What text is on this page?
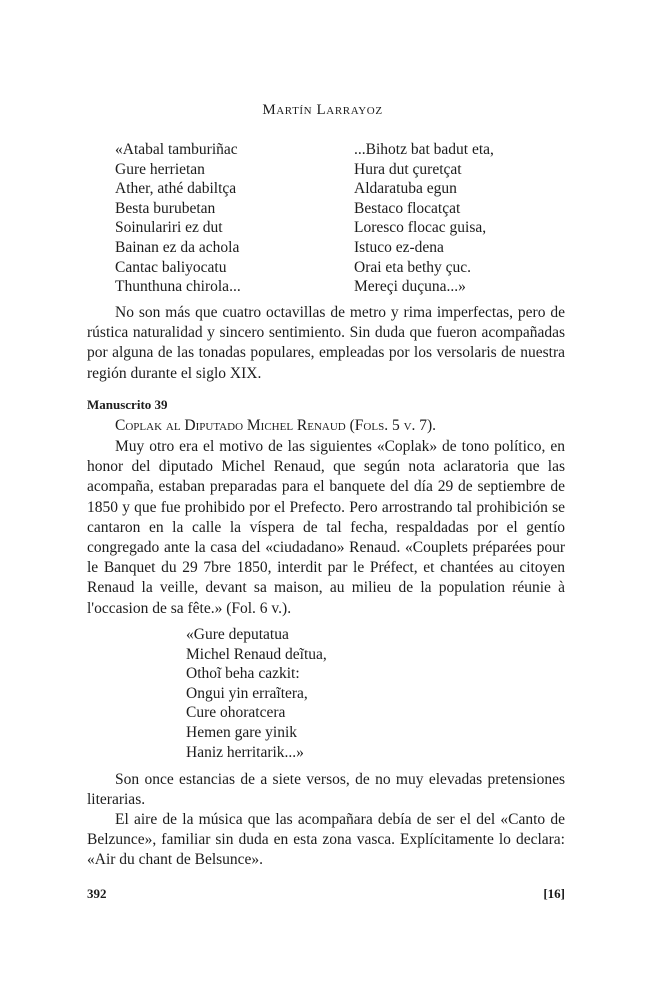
Martín Larrayoz
«Atabal tamburiñac
Gure herrietan
Ather, athé dabiltça
Besta burubetan
Soinulariri ez dut
Bainan ez da achola
Cantac baliyocatu
Thunthuna chirola...
...Bihotz bat badut eta,
Hura dut çuretçat
Aldaratuba egun
Bestaco flocatçat
Loresco flocac guisa,
Istuco ez-dena
Orai eta bethy çuc.
Mereçi duçuna...»

No son más que cuatro octavillas de metro y rima imperfectas, pero de rústica naturalidad y sincero sentimiento. Sin duda que fueron acompañadas por alguna de las tonadas populares, empleadas por los versolaris de nuestra región durante el siglo XIX.

Manuscrito 39
Coplak al Diputado Michel Renaud (Fols. 5 v. 7).

Muy otro era el motivo de las siguientes «Coplak» de tono político, en honor del diputado Michel Renaud, que según nota aclaratoria que las acompaña, estaban preparadas para el banquete del día 29 de septiembre de 1850 y que fue prohibido por el Prefecto. Pero arrostrando tal prohibición se cantaron en la calle la víspera de tal fecha, respaldadas por el gentío congregado ante la casa del «ciudadano» Renaud. «Couplets préparées pour le Banquet du 29 7bre 1850, interdit par le Préfect, et chantées au citoyen Renaud la veille, devant sa maison, au milieu de la population réunie à l'occasion de sa fête.» (Fol. 6 v.).

«Gure deputatua
Michel Renaud deĩtua,
Othoĩ beha cazkit:
Ongui yin erraĩtera,
Cure ohoratcera
Hemen gare yinik
Haniz herritarik...»

Son once estancias de a siete versos, de no muy elevadas pretensiones literarias.

El aire de la música que las acompañara debía de ser el del «Canto de Belzunce», familiar sin duda en esta zona vasca. Explícitamente lo declara: «Air du chant de Belsunce».

392	[16]
